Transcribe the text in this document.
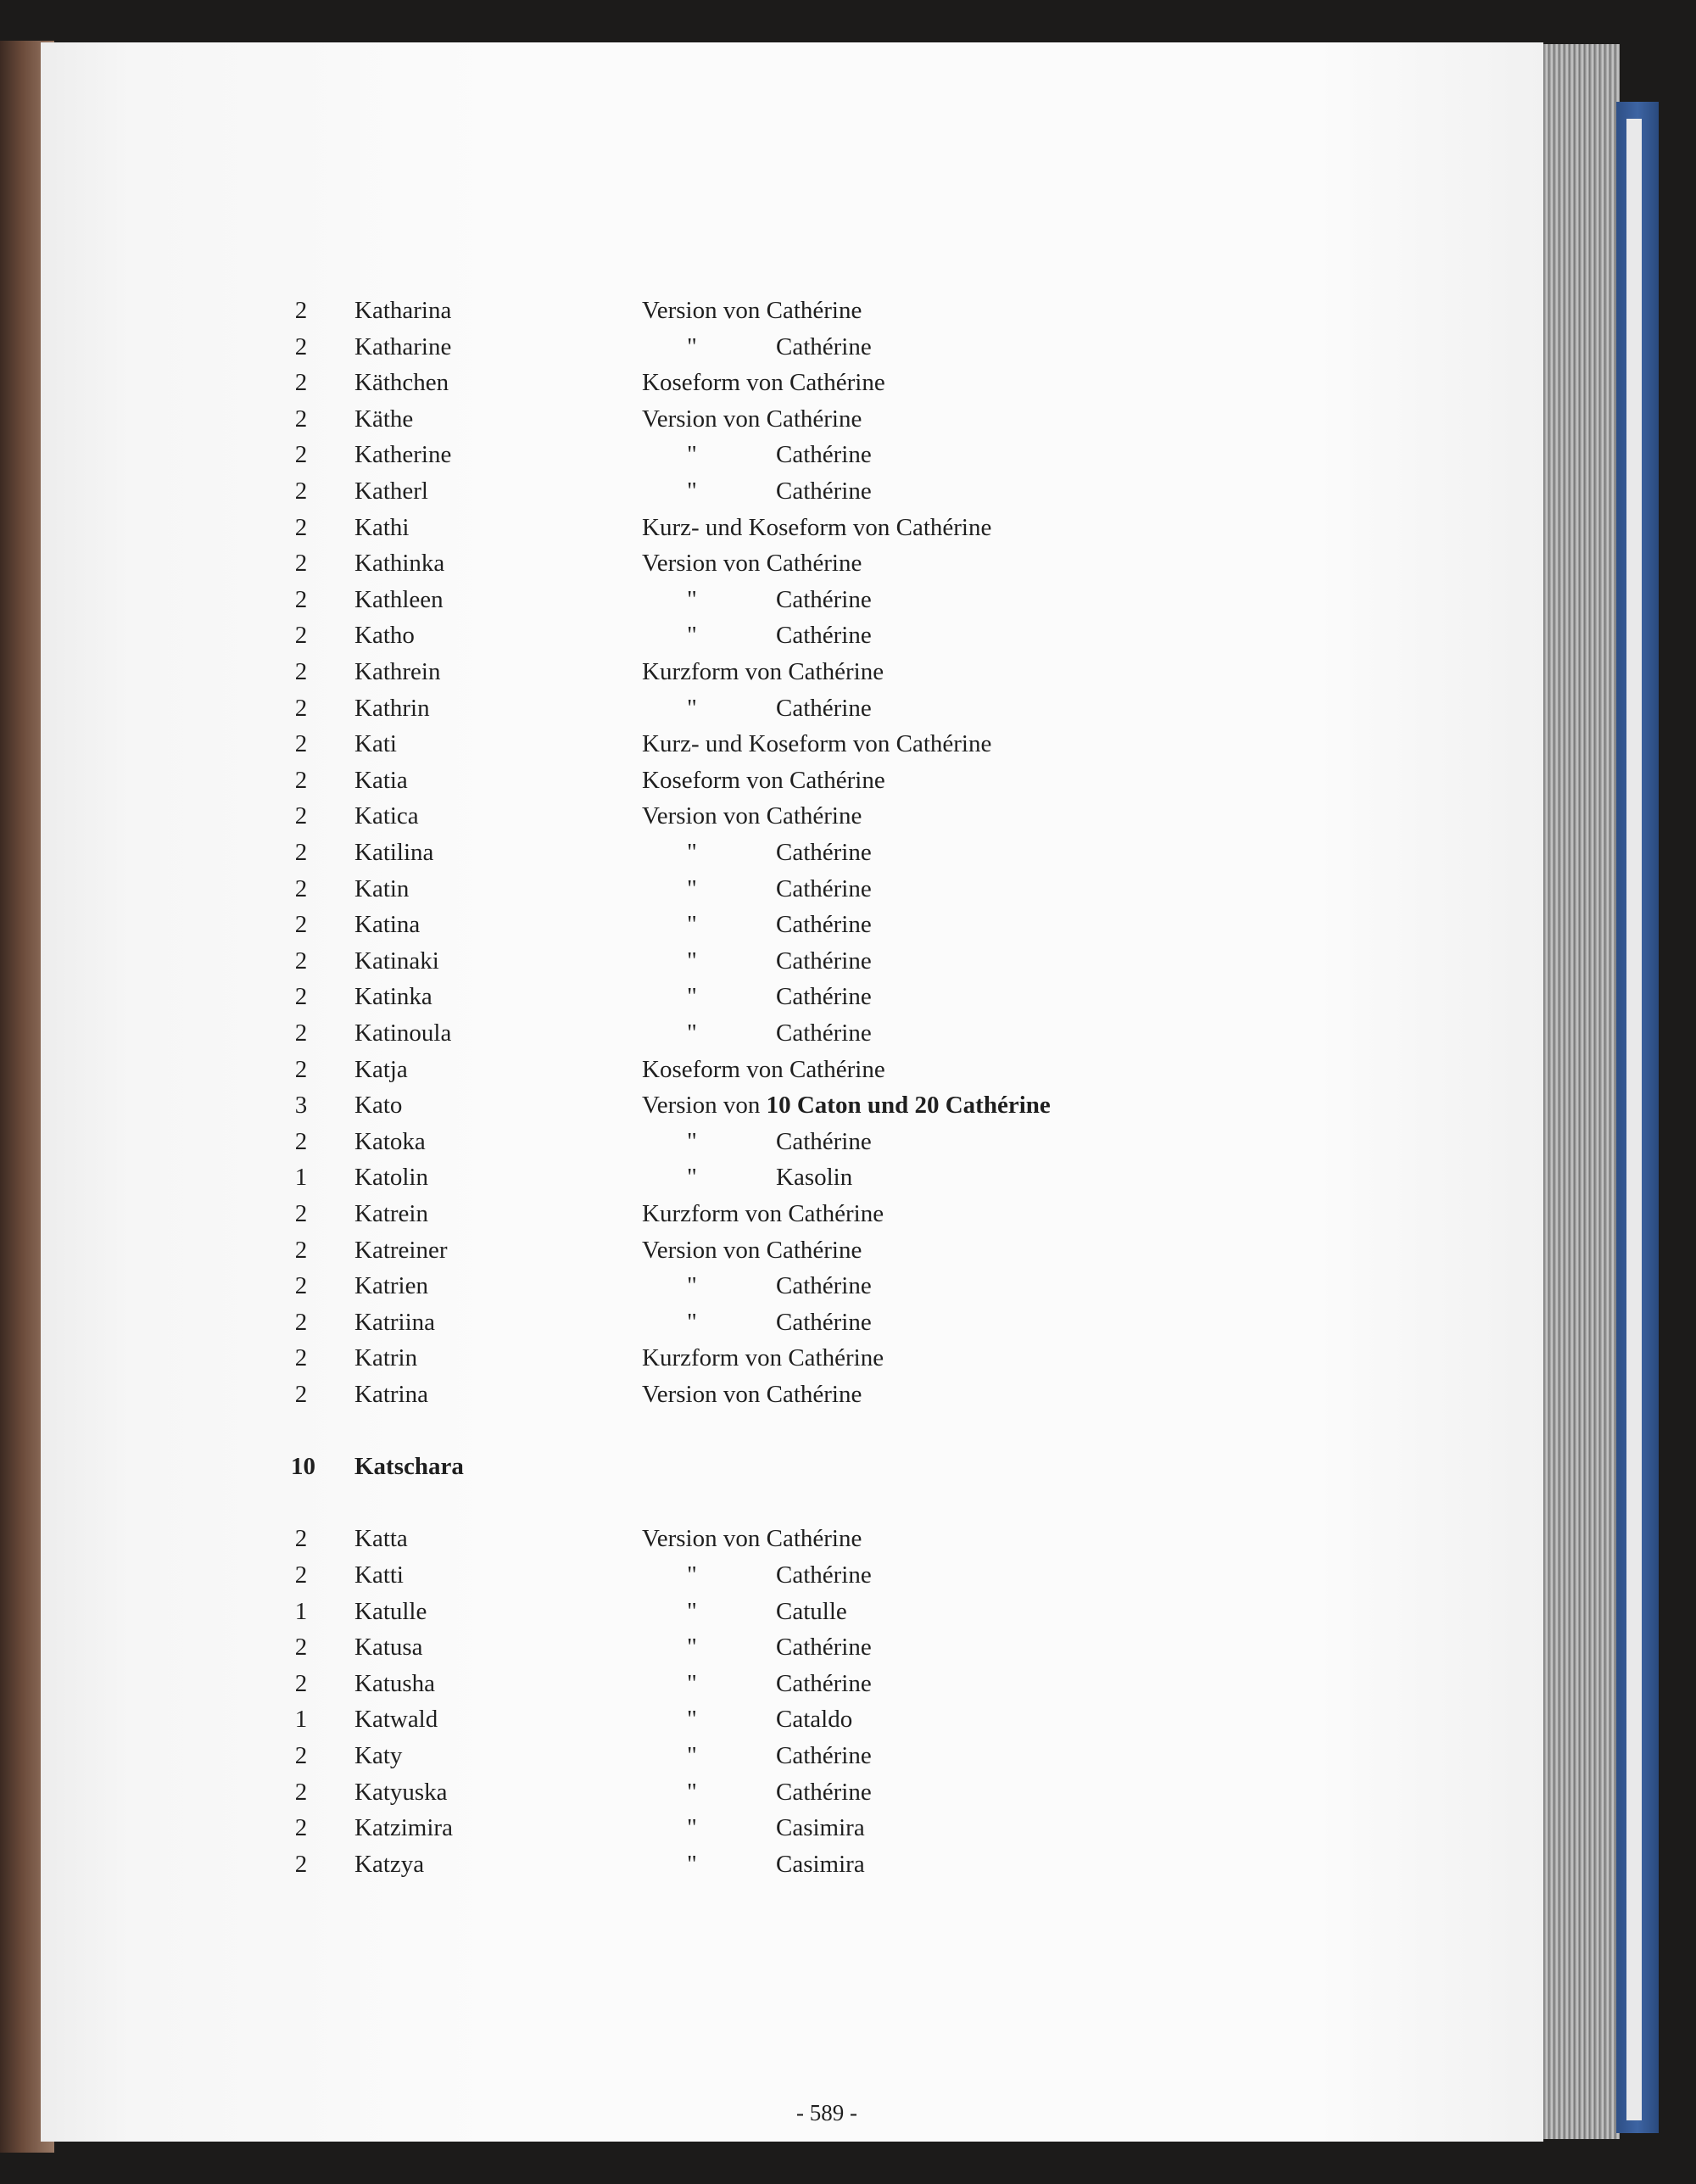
2 Katharina	Version von Cathérine
2 Katharine	"	Cathérine
2 Käthchen	Koseform von Cathérine
2 Käthe	Version von Cathérine
2 Katherine	"	Cathérine
2 Katherl	"	Cathérine
2 Kathi	Kurz- und Koseform von Cathérine
2 Kathinka	Version von Cathérine
2 Kathleen	"	Cathérine
2 Katho	"	Cathérine
2 Kathrein	Kurzform von Cathérine
2 Kathrin	"	Cathérine
2 Kati	Kurz- und Koseform von Cathérine
2 Katia	Koseform von Cathérine
2 Katica	Version von Cathérine
2 Katilina	"	Cathérine
2 Katin	"	Cathérine
2 Katina	"	Cathérine
2 Katinaki	"	Cathérine
2 Katinka	"	Cathérine
2 Katinoula	"	Cathérine
2 Katja	Koseform von Cathérine
3 Kato	Version von 10 Caton und 20 Cathérine
2 Katoka	"	Cathérine
1 Katolin	"	Kasolin
2 Katrein	Kurzform von Cathérine
2 Katreiner	Version von Cathérine
2 Katrien	"	Cathérine
2 Katriina	"	Cathérine
2 Katrin	Kurzform von Cathérine
2 Katrina	Version von Cathérine
10	Katschara
2 Katta	Version von Cathérine
2 Katti	"	Cathérine
1 Katulle	"	Catulle
2 Katusa	"	Cathérine
2 Katusha	"	Cathérine
1 Katwald	"	Cataldo
2 Katy	"	Cathérine
2 Katyuska	"	Cathérine
2 Katzimira	"	Casimira
2 Katzya	"	Casimira
- 589 -
